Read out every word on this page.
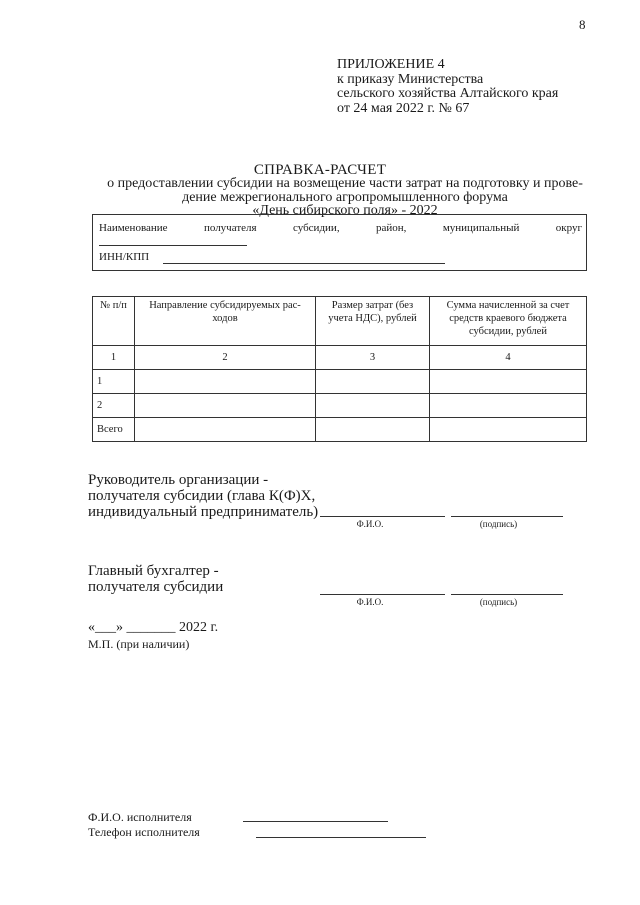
8
ПРИЛОЖЕНИЕ 4
к приказу Министерства
сельского хозяйства Алтайского края
от 24 мая 2022 г. № 67
СПРАВКА-РАСЧЕТ
о предоставлении субсидии на возмещение части затрат на подготовку и прове-
дение межрегионального агропромышленного форума
«День сибирского поля» - 2022
Наименование	получателя	субсидии,	район,	муниципальный	округ
ИНН/КПП
№ п/п	Направление субсидируемых рас-ходов	Размер затрат (без учета НДС), рублей	Сумма начисленной за счет средств краевого бюджета субсидии, рублей
1	2	3	4
1			
2			
Всего			
Руководитель организации -
получателя субсидии (глава К(Ф)Х,
индивидуальный предприниматель)
Ф.И.О.	(подпись)
Главный бухгалтер -
получателя субсидии
Ф.И.О.	(подпись)
«___» _______ 2022 г.
М.П. (при наличии)
Ф.И.О. исполнителя
Телефон исполнителя
